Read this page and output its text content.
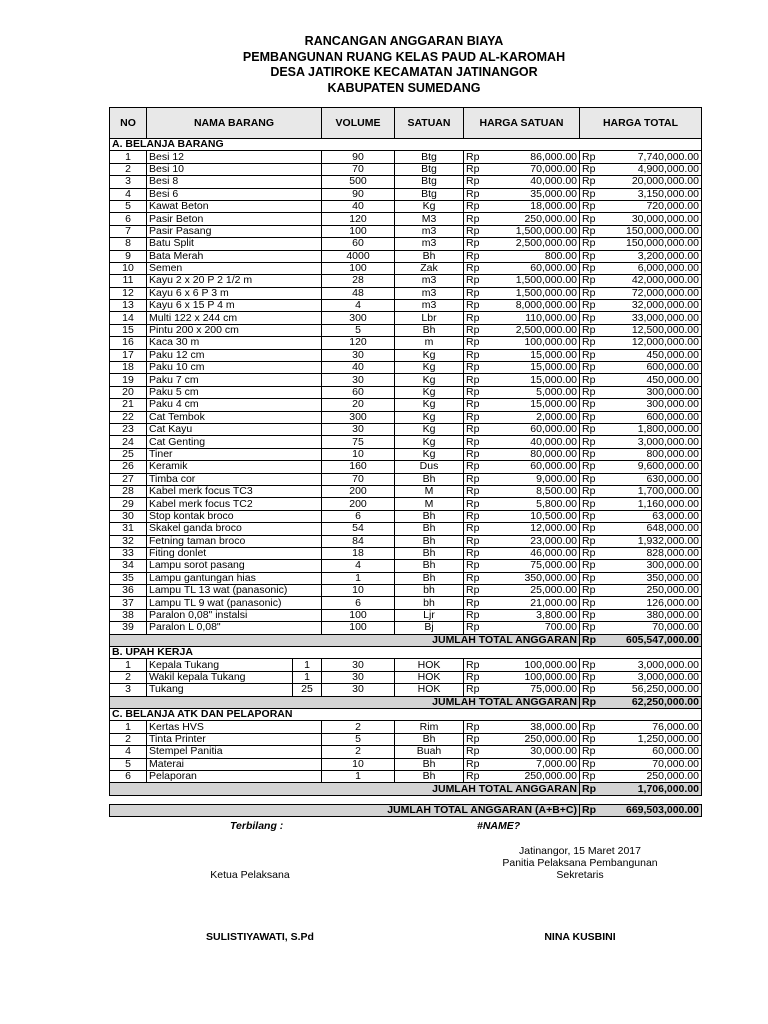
RANCANGAN ANGGARAN BIAYA
PEMBANGUNAN RUANG KELAS PAUD AL-KAROMAH
DESA JATIROKE KECAMATAN JATINANGOR
KABUPATEN SUMEDANG
NO	NAMA BARANG		VOLUME	SATUAN	HARGA SATUAN		HARGA TOTAL	
A. BELANJA BARANG								
1	Besi 12		90	Btg	Rp	86,000.00	Rp	7,740,000.00
2	Besi 10		70	Btg	Rp	70,000.00	Rp	4,900,000.00
3	Besi 8		500	Btg	Rp	40,000.00	Rp	20,000,000.00
4	Besi 6		90	Btg	Rp	35,000.00	Rp	3,150,000.00
5	Kawat Beton		40	Kg	Rp	18,000.00	Rp	720,000.00
6	Pasir Beton		120	M3	Rp	250,000.00	Rp	30,000,000.00
7	Pasir Pasang		100	m3	Rp	1,500,000.00	Rp	150,000,000.00
8	Batu Split		60	m3	Rp	2,500,000.00	Rp	150,000,000.00
9	Bata Merah		4000	Bh	Rp	800.00	Rp	3,200,000.00
10	Semen		100	Zak	Rp	60,000.00	Rp	6,000,000.00
11	Kayu 2 x 20 P 2 1/2 m		28	m3	Rp	1,500,000.00	Rp	42,000,000.00
12	Kayu 6 x 6 P 3 m		48	m3	Rp	1,500,000.00	Rp	72,000,000.00
13	Kayu 6 x 15 P 4 m		4	m3	Rp	8,000,000.00	Rp	32,000,000.00
14	Multi 122 x 244 cm		300	Lbr	Rp	110,000.00	Rp	33,000,000.00
15	Pintu 200 x 200 cm		5	Bh	Rp	2,500,000.00	Rp	12,500,000.00
16	Kaca 30 m		120	m	Rp	100,000.00	Rp	12,000,000.00
17	Paku 12 cm		30	Kg	Rp	15,000.00	Rp	450,000.00
18	Paku 10 cm		40	Kg	Rp	15,000.00	Rp	600,000.00
19	Paku 7 cm		30	Kg	Rp	15,000.00	Rp	450,000.00
20	Paku 5 cm		60	Kg	Rp	5,000.00	Rp	300,000.00
21	Paku 4 cm		20	Kg	Rp	15,000.00	Rp	300,000.00
22	Cat Tembok		300	Kg	Rp	2,000.00	Rp	600,000.00
23	Cat Kayu		30	Kg	Rp	60,000.00	Rp	1,800,000.00
24	Cat Genting		75	Kg	Rp	40,000.00	Rp	3,000,000.00
25	Tiner		10	Kg	Rp	80,000.00	Rp	800,000.00
26	Keramik		160	Dus	Rp	60,000.00	Rp	9,600,000.00
27	Timba cor		70	Bh	Rp	9,000.00	Rp	630,000.00
28	Kabel merk focus TC3		200	M	Rp	8,500.00	Rp	1,700,000.00
29	Kabel merk focus TC2		200	M	Rp	5,800.00	Rp	1,160,000.00
30	Stop kontak broco		6	Bh	Rp	10,500.00	Rp	63,000.00
31	Skakel ganda broco		54	Bh	Rp	12,000.00	Rp	648,000.00
32	Fetning taman broco		84	Bh	Rp	23,000.00	Rp	1,932,000.00
33	Fiting donlet		18	Bh	Rp	46,000.00	Rp	828,000.00
34	Lampu sorot pasang		4	Bh	Rp	75,000.00	Rp	300,000.00
35	Lampu gantungan hias		1	Bh	Rp	350,000.00	Rp	350,000.00
36	Lampu TL 13 wat (panasonic)		10	bh	Rp	25,000.00	Rp	250,000.00
37	Lampu TL 9 wat (panasonic)		6	bh	Rp	21,000.00	Rp	126,000.00
38	Paralon 0,08" instalsi		100	Ljr	Rp	3,800.00	Rp	380,000.00
39	Paralon L 0,08"		100	Bj	Rp	700.00	Rp	70,000.00
JUMLAH TOTAL ANGGARAN							Rp	605,547,000.00
B. UPAH KERJA								
1	Kepala Tukang	1	30	HOK	Rp	100,000.00	Rp	3,000,000.00
2	Wakil kepala Tukang	1	30	HOK	Rp	100,000.00	Rp	3,000,000.00
3	Tukang	25	30	HOK	Rp	75,000.00	Rp	56,250,000.00
JUMLAH TOTAL ANGGARAN							Rp	62,250,000.00
C. BELANJA ATK DAN PELAPORAN								
1	Kertas HVS		2	Rim	Rp	38,000.00	Rp	76,000.00
2	Tinta Printer		5	Bh	Rp	250,000.00	Rp	1,250,000.00
4	Stempel Panitia		2	Buah	Rp	30,000.00	Rp	60,000.00
5	Materai		10	Bh	Rp	7,000.00	Rp	70,000.00
6	Pelaporan		1	Bh	Rp	250,000.00	Rp	250,000.00
JUMLAH TOTAL ANGGARAN							Rp	1,706,000.00

JUMLAH TOTAL ANGGARAN (A+B+C)							Rp	669,503,000.00
Terbilang :	#NAME?
Jatinangor, 15 Maret 2017
Panitia Pelaksana Pembangunan
Sekretaris
Ketua Pelaksana
SULISTIYAWATI, S.Pd	NINA KUSBINI
